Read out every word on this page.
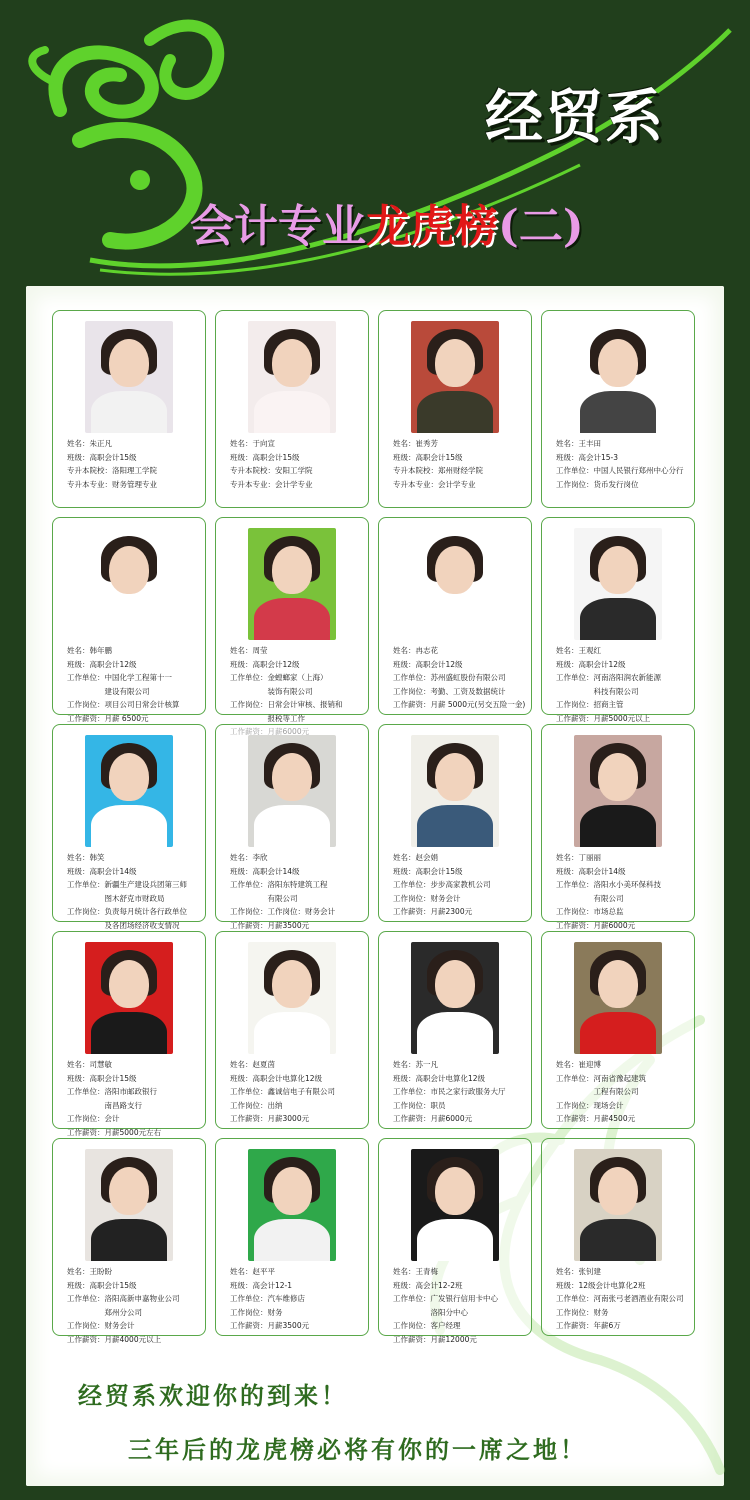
经贸系
会计专业龙虎榜(二)
姓名：朱正凡
班级：高职会计15级
专升本院校：洛阳理工学院
专升本专业：财务管理专业
姓名：于向宣
班级：高职会计15级
专升本院校：安阳工学院
专升本专业：会计学专业
姓名：崔秀芳
班级：高职会计15级
专升本院校：郑州财经学院
专升本专业：会计学专业
姓名：王丰田
班级：高会计15-3
工作单位：中国人民银行郑州中心分行
工作岗位：货币发行岗位
姓名：韩年鹏
班级：高职会计12级
工作单位：中国化学工程第十一
　　　　　建设有限公司
工作岗位：项目公司日常会计核算
工作薪资：月薪 6500元
姓名：周莹
班级：高职会计12级
工作单位：金螳螂家（上海）
　　　　　装饰有限公司
工作岗位：日常会计审核、报销和
　　　　　报税等工作
姓名：冉志花
班级：高职会计12级
工作单位：苏州盛虹股份有限公司
工作岗位：考勤、工资及数据统计
工作薪资：月薪 5000元(另交五险一金)
姓名：王观红
班级：高职会计12级
工作单位：河南洛阳润农新能源
　　　　　科技有限公司
工作岗位：招商主管
工作薪资：月薪5000元以上
姓名：韩笑
班级：高职会计14级
工作单位：新疆生产建设兵团第三师
　　　　　图木舒克市财政局
工作岗位：负责每月统计各行政单位
　　　　　及各团场经济收支情况
姓名：李欣
班级：高职会计14级
工作单位：洛阳东特建筑工程
　　　　　有限公司
工作岗位：工作岗位：财务会计
工作薪资：月薪3500元
姓名：赵会娟
班级：高职会计15级
工作单位：步步高家教机公司
工作岗位：财务会计
工作薪资：月薪2300元
姓名：丁丽丽
班级：高职会计14级
工作单位：洛阳水小美环保科技
　　　　　有限公司
工作岗位：市场总监
工作薪资：月薪6000元
姓名：司慧敏
班级：高职会计15级
工作单位：洛阳市邮政银行
　　　　　南昌路支行
工作岗位：会计
工作薪资：月薪5000元左右
姓名：赵夏茵
班级：高职会计电算化12级
工作单位：鑫诚信电子有限公司
工作岗位：出纳
工作薪资：月薪3000元
姓名：苏一凡
班级：高职会计电算化12级
工作单位：市民之家行政服务大厅
工作岗位：职员
工作薪资：月薪6000元
姓名：崔迎博
工作单位：河南省豫起建筑
　　　　　工程有限公司
工作岗位：现场会计
工作薪资：月薪4500元
姓名：王盼盼
班级：高职会计15级
工作单位：洛阳高新申嘉物业公司
　　　　　郑州分公司
工作岗位：财务会计
工作薪资：月薪4000元以上
姓名：赵平平
班级：高会计12-1
工作单位：汽车维修店
工作岗位：财务
工作薪资：月薪3500元
姓名：王青梅
班级：高会计12-2班
工作单位：广发银行信用卡中心
　　　　　洛阳分中心
工作岗位：客户经理
工作薪资：月薪12000元
姓名：张钊建
班级：12级会计电算化2班
工作单位：河南张弓老酒酒业有限公司
工作岗位：财务
工作薪资：年薪6万
经贸系欢迎你的到来！
三年后的龙虎榜必将有你的一席之地！
